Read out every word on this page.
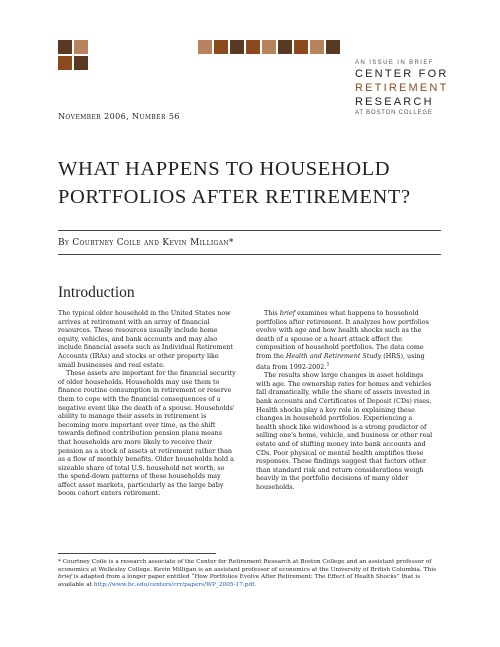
AN ISSUE IN BRIEF
CENTER FOR
RETIREMENT
RESEARCH
AT BOSTON COLLEGE
November 2006, Number 56
WHAT HAPPENS TO HOUSEHOLD PORTFOLIOS AFTER RETIREMENT?
By Courtney Coile and Kevin Milligan*
Introduction

The typical older household in the United States now arrives at retirement with an array of financial resources. These resources usually include home equity, vehicles, and bank accounts and may also include financial assets such as Individual Retirement Accounts (IRAs) and stocks or other property like small businesses and real estate.

These assets are important for the financial security of older households. Households may use them to finance routine consumption in retirement or reserve them to cope with the financial consequences of a negative event like the death of a spouse. Households' ability to manage their assets in retirement is becoming more important over time, as the shift towards defined contribution pension plans means that households are more likely to receive their pension as a stock of assets at retirement rather than as a flow of monthly benefits. Older households hold a sizeable share of total U.S. household net worth, so the spend-down patterns of these households may affect asset markets, particularly as the large baby boom cohort enters retirement.

This brief examines what happens to household portfolios after retirement. It analyzes how portfolios evolve with age and how health shocks such as the death of a spouse or a heart attack affect the composition of household portfolios. The data come from the Health and Retirement Study (HRS), using data from 1992-2002.$^1$

The results show large changes in asset holdings with age. The ownership rates for homes and vehicles fall dramatically, while the share of assets invested in bank accounts and Certificates of Deposit (CDs) rises. Health shocks play a key role in explaining these changes in household portfolios. Experiencing a health shock like widowhood is a strong predictor of selling one's home, vehicle, and business or other real estate and of shifting money into bank accounts and CDs. Poor physical or mental health amplifies these responses. These findings suggest that factors other than standard risk and return considerations weigh heavily in the portfolio decisions of many older households.

* Courtney Coile is a research associate of the Center for Retirement Research at Boston College and an assistant professor of economics at Wellesley College. Kevin Milligan is an assistant professor of economics at the University of British Columbia. This brief is adapted from a longer paper entitled “How Portfolios Evolve After Retirement: The Effect of Health Shocks” that is available at http://www.bc.edu/centers/crr/papers/WP_2005-17.pdf.
